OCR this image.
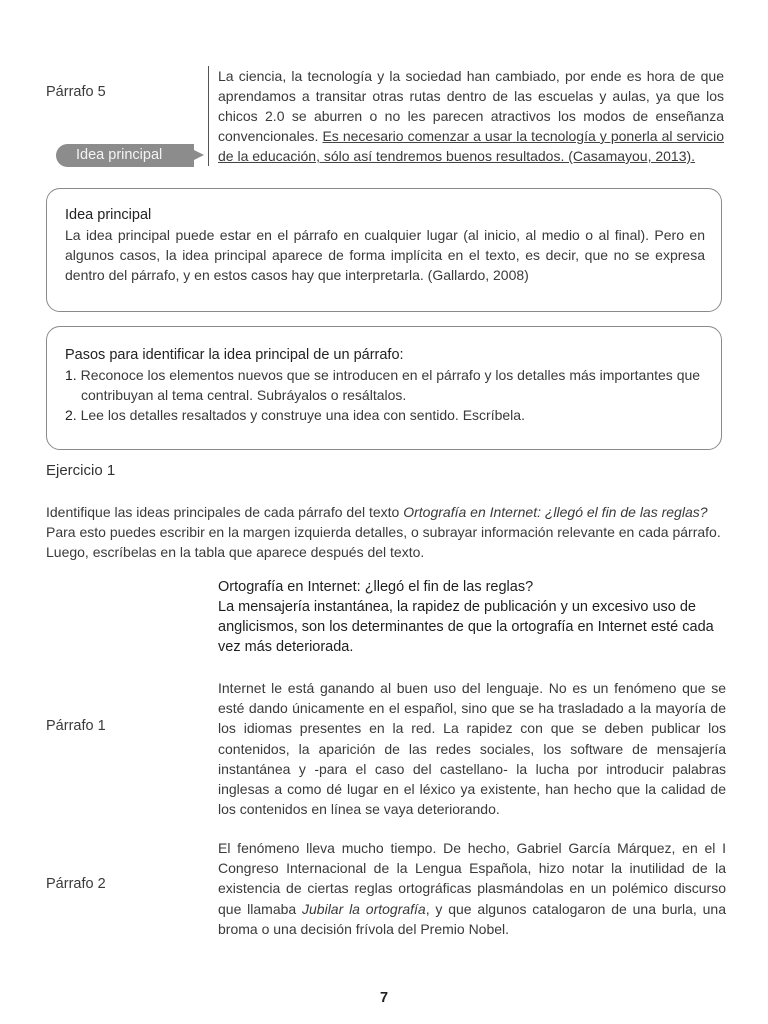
Párrafo 5
La ciencia, la tecnología y la sociedad han cambiado, por ende es hora de que aprendamos a transitar otras rutas dentro de las escuelas y aulas, ya que los chicos 2.0 se aburren o no les parecen atractivos los modos de enseñanza convencionales. Es necesario comenzar a usar la tecnología y ponerla al servicio de la educación, sólo así tendremos buenos resultados. (Casamayou, 2013).
Idea principal
Idea principal
La idea principal puede estar en el párrafo en cualquier lugar (al inicio, al medio o al final). Pero en algunos casos, la idea principal aparece de forma implícita en el texto, es decir, que no se expresa dentro del párrafo, y en estos casos hay que interpretarla. (Gallardo, 2008)
Pasos para identificar la idea principal de un párrafo:
1. Reconoce los elementos nuevos que se introducen en el párrafo y los detalles más importantes que contribuyan al tema central. Subráyalos o resáltalos.
2. Lee los detalles resaltados y construye una idea con sentido. Escríbela.
Ejercicio 1
Identifique las ideas principales de cada párrafo del texto Ortografía en Internet: ¿llegó el fin de las reglas? Para esto puedes escribir en la margen izquierda detalles, o subrayar información relevante en cada párrafo. Luego, escríbelas en la tabla que aparece después del texto.
Ortografía en Internet: ¿llegó el fin de las reglas?
La mensajería instantánea, la rapidez de publicación y un excesivo uso de anglicismos, son los determinantes de que la ortografía en Internet esté cada vez más deteriorada.
Párrafo 1
Internet le está ganando al buen uso del lenguaje. No es un fenómeno que se esté dando únicamente en el español, sino que se ha trasladado a la mayoría de los idiomas presentes en la red. La rapidez con que se deben publicar los contenidos, la aparición de las redes sociales, los software de mensajería instantánea y -para el caso del castellano- la lucha por introducir palabras inglesas a como dé lugar en el léxico ya existente, han hecho que la calidad de los contenidos en línea se vaya deteriorando.
Párrafo 2
El fenómeno lleva mucho tiempo. De hecho, Gabriel García Márquez, en el I Congreso Internacional de la Lengua Española, hizo notar la inutilidad de la existencia de ciertas reglas ortográficas plasmándolas en un polémico discurso que llamaba Jubilar la ortografía, y que algunos catalogaron de una burla, una broma o una decisión frívola del Premio Nobel.
7
